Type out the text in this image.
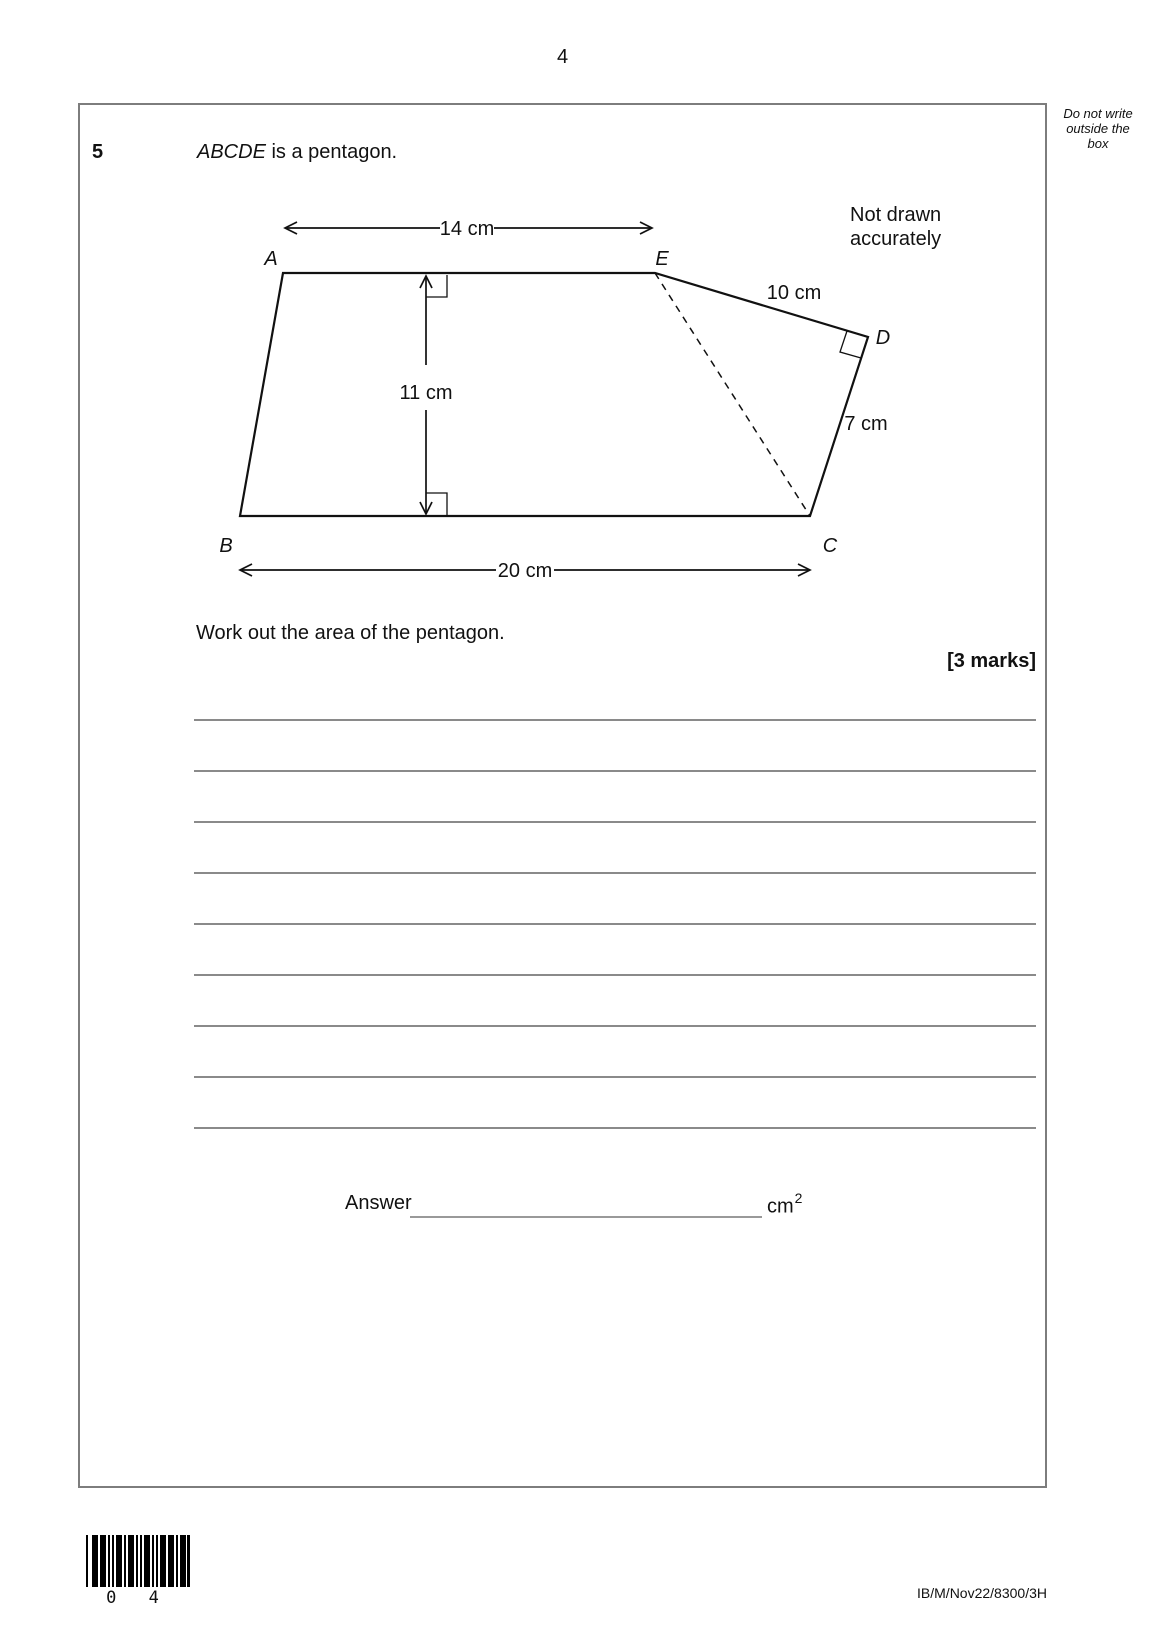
4
Do not write
outside the
box
5	ABCDE is a pentagon.
14 cm
11 cm
20 cm
10 cm
7 cm
A	E
D
B	C
Not drawn
accurately
Work out the area of the pentagon.
[3 marks]
Answer	$cm^2$
0 4	IB/M/Nov22/8300/3H
